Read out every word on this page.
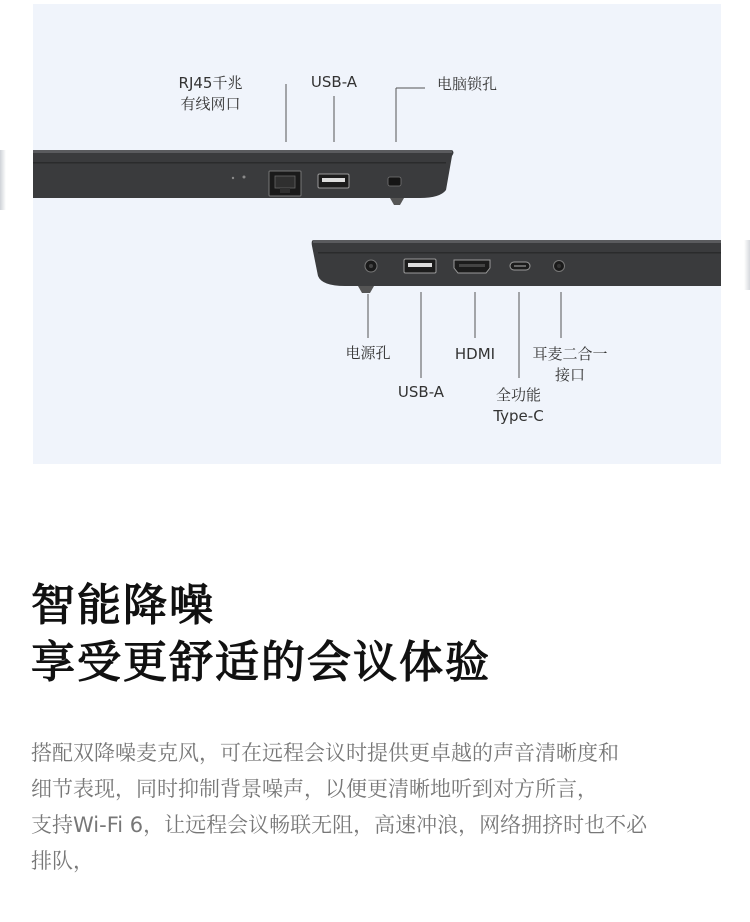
RJ45千兆
有线网口
USB-A	电脑锁孔
电源孔	HDMI
USB-A
耳麦二合一
接口
全功能
Type-C
智能降噪
享受更舒适的会议体验

搭配双降噪麦克风，可在远程会议时提供更卓越的声音清晰度和
细节表现，同时抑制背景噪声，以便更清晰地听到对方所言，
支持Wi-Fi 6，让远程会议畅联无阻，高速冲浪，网络拥挤时也不必
排队，
